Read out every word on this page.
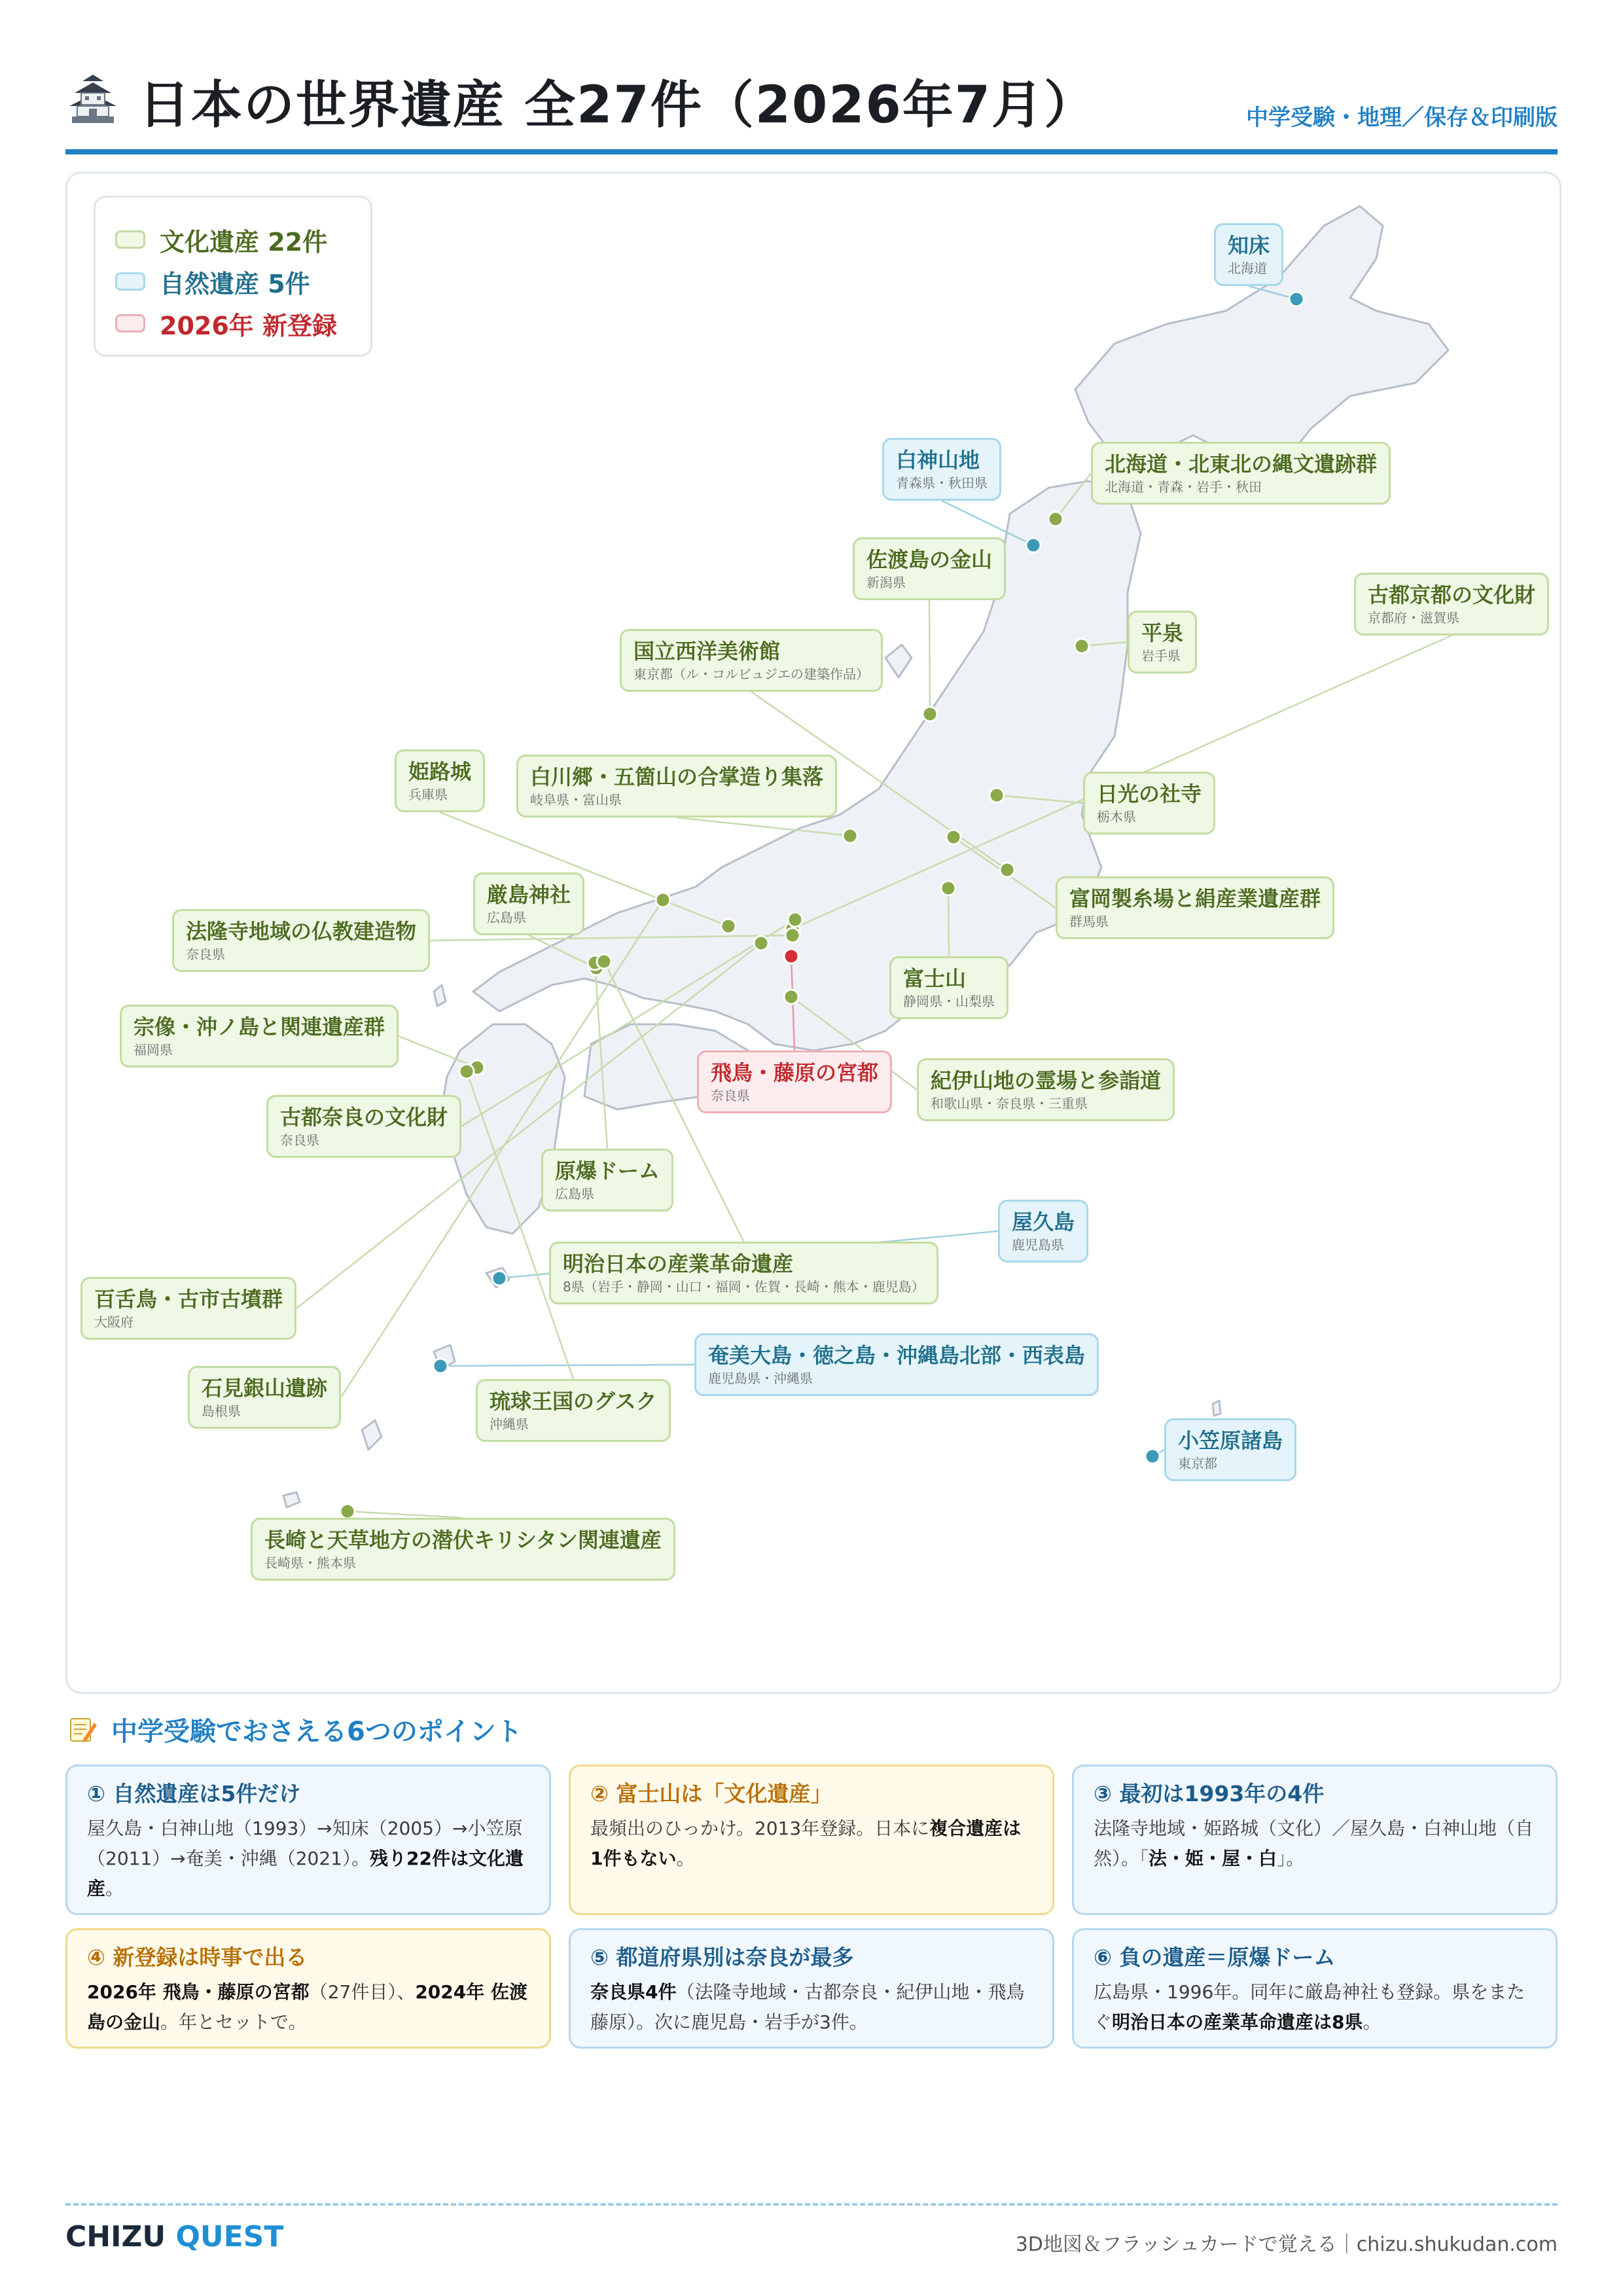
日本の世界遺産 全27件（2026年7月）	中学受験・地理／保存＆印刷版
文化遺産 22件
自然遺産 5件
2026年 新登録
知床
北海道
白神山地
青森県・秋田県
北海道・北東北の縄文遺跡群
北海道・青森・岩手・秋田
佐渡島の金山
新潟県	古都京都の文化財
京都府・滋賀県
平泉
岩手県
国立西洋美術館
東京都（ル・コルビュジエの建築作品）
姫路城
兵庫県
白川郷・五箇山の合掌造り集落
岐阜県・富山県	日光の社寺
栃木県
厳島神社
広島県
富岡製糸場と絹産業遺産群
群馬県
法隆寺地域の仏教建造物
奈良県
富士山
静岡県・山梨県
宗像・沖ノ島と関連遺産群
福岡県
飛鳥・藤原の宮都
奈良県
紀伊山地の霊場と参詣道
和歌山県・奈良県・三重県
古都奈良の文化財
奈良県
原爆ドーム
広島県
屋久島
鹿児島県
明治日本の産業革命遺産
8県（岩手・静岡・山口・福岡・佐賀・長崎・熊本・鹿児島）
百舌鳥・古市古墳群
大阪府
奄美大島・徳之島・沖縄島北部・西表島
鹿児島県・沖縄県
石見銀山遺跡
島根県	琉球王国のグスク
沖縄県
小笠原諸島
東京都
長崎と天草地方の潜伏キリシタン関連遺産
長崎県・熊本県
中学受験でおさえる6つのポイント
① 自然遺産は5件だけ
屋久島・白神山地（1993）→知床（2005）→小笠原（2011）→奄美・沖縄（2021）。残り22件は文化遺産。
② 富士山は「文化遺産」
最頻出のひっかけ。2013年登録。日本に複合遺産は1件もない。
③ 最初は1993年の4件
法隆寺地域・姫路城（文化）／屋久島・白神山地（自然）。「法・姫・屋・白」。
④ 新登録は時事で出る
2026年 飛鳥・藤原の宮都（27件目）、2024年 佐渡島の金山。年とセットで。
⑤ 都道府県別は奈良が最多
奈良県4件（法隆寺地域・古都奈良・紀伊山地・飛鳥藤原）。次に鹿児島・岩手が3件。
⑥ 負の遺産＝原爆ドーム
広島県・1996年。同年に厳島神社も登録。県をまたぐ明治日本の産業革命遺産は8県。
CHIZU QUEST	3D地図＆フラッシュカードで覚える｜chizu.shukudan.com
